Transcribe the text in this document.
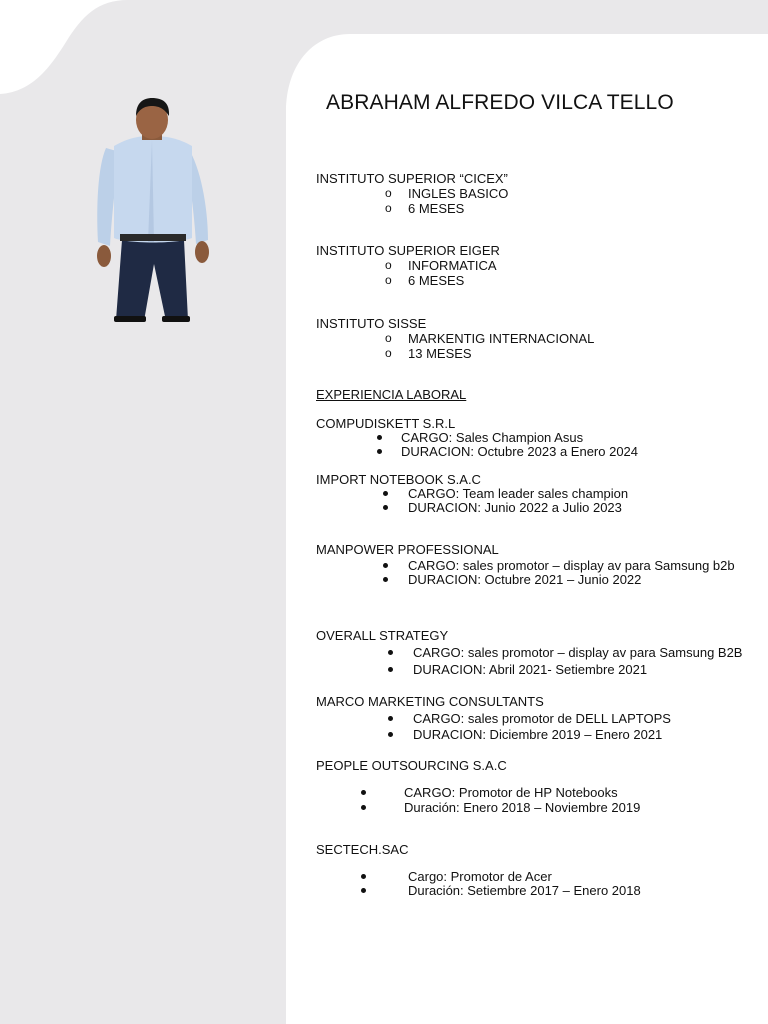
ABRAHAM ALFREDO VILCA TELLO
INSTITUTO SUPERIOR “CICEX”
o INGLES BASICO
o 6 MESES
INSTITUTO SUPERIOR EIGER
o INFORMATICA
o 6 MESES
INSTITUTO SISSE
o MARKENTIG INTERNACIONAL
o 13 MESES
EXPERIENCIA LABORAL
COMPUDISKETT S.R.L
CARGO: Sales Champion Asus
DURACION: Octubre 2023 a Enero 2024
IMPORT NOTEBOOK S.A.C
CARGO: Team leader sales champion
DURACION: Junio 2022 a Julio 2023
MANPOWER PROFESSIONAL
CARGO: sales promotor – display av para Samsung b2b
DURACION: Octubre 2021 – Junio 2022
OVERALL STRATEGY
CARGO: sales promotor – display av para Samsung B2B
DURACION: Abril 2021- Setiembre 2021
MARCO MARKETING CONSULTANTS
CARGO: sales promotor de DELL LAPTOPS
DURACION: Diciembre 2019 – Enero 2021
PEOPLE OUTSOURCING S.A.C
CARGO: Promotor de HP Notebooks
Duración: Enero 2018 – Noviembre 2019
SECTECH.SAC
Cargo: Promotor de Acer
Duración: Setiembre 2017 – Enero 2018
